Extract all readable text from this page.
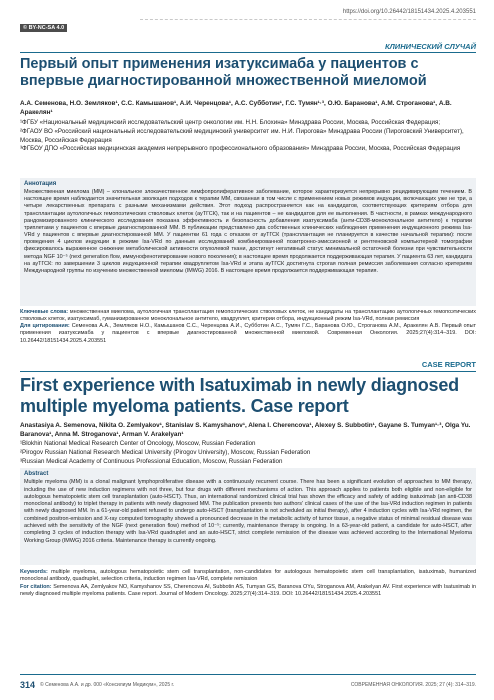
https://doi.org/10.26442/18151434.2025.4.203551
© BY-NC-SA 4.0
КЛИНИЧЕСКИЙ СЛУЧАЙ
Первый опыт применения изатуксимаба у пациентов с впервые диагностированной множественной миеломой
А.А. Семенова, Н.О. Земляков¹, С.С. Камышанов¹, А.И. Черенцова¹, А.С. Субботин¹, Г.С. Тумян¹·³, О.Ю. Баранова¹, А.М. Строганова¹, А.В. Аракелян¹
¹ФГБУ «Национальный медицинский исследовательский центр онкологии им. Н.Н. Блохина» Минздрава России, Москва, Российская Федерация;
²ФГАОУ ВО «Российский национальный исследовательский медицинский университет им. Н.И. Пирогова» Минздрава России (Пироговский Университет), Москва, Российская Федерация
³ФГБОУ ДПО «Российская медицинская академия непрерывного профессионального образования» Минздрава России, Москва, Российская Федерация
Аннотация
Множественная миелома (ММ) – клональное злокачественное лимфопролиферативное заболевание, которое характеризуется непрерывно рецидивирующим течением. В настоящее время наблюдается значительная эволюция подходов к терапии ММ, связанная в том числе с применением новых режимов индукции, включающих уже не три, а четыре лекарственных препарата с разными механизмами действия. Этот подход распространяется как на кандидатов, соответствующих критериям отбора для трансплантации аутологичных гемопоэтических стволовых клеток (ауТГСК), так и на пациентов – не кандидатов для ее выполнения. В частности, в рамках международного рандомизированного клинического исследования показана эффективность и безопасность добавления изатуксимаба (анти-CD38-моноклональное антитело) к терапии триплетами у пациентов с впервые диагностированной ММ. В публикации представлено два собственных клинических наблюдения применения индукционного режима Isa-VRd у пациентов с впервые диагностированной ММ. У пациентки 61 года с отказом от ауТГСК (трансплантация не планируется в качестве начальной терапии): после проведения 4 циклов индукции в режиме Isa-VRd по данным исследований комбинированной позитронно-эмиссионной и рентгеновской компьютерной томографии фиксировалось выраженное снижение метаболической активности опухолевой ткани, достигнут негативный статус минимальной остаточной болезни при чувствительности метода NGF 10⁻⁵ (next generation flow, иммунофенотипирование нового поколения); в настоящее время продолжается поддерживающая терапия. У пациента 63 лет, кандидата на ауТГСК: по завершении 3 циклов индукционной терапии квадруплетом Isa-VRd и этапа ауТГСК достигнута строгая полная ремиссия заболевания согласно критериям Международной группы по изучению множественной миеломы (IMWG) 2016. В настоящее время продолжается поддерживающая терапия.
Ключевые слова: множественная миелома, аутологичная трансплантация гемопоэтических стволовых клеток, не кандидаты на трансплантацию аутологичных гемопоэтических стволовых клеток, изатуксимаб, гуманизированное моноклональное антитело, квадруплет, критерии отбора, индукционный режим Isa-VRd, полная ремиссия
Для цитирования: Семенова А.А., Земляков Н.О., Камышанов С.С., Черенцова А.И., Субботин А.С., Тумян Г.С., Баранова О.Ю., Строганова А.М., Аракелян А.В. Первый опыт применения изатуксимаба у пациентов с впервые диагностированной множественной миеломой. Современная Онкология. 2025;27(4):314–319. DOI: 10.26442/18151434.2025.4.203551
CASE REPORT
First experience with Isatuximab in newly diagnosed multiple myeloma patients. Case report
Anastasiya A. Semenova, Nikita O. Zemlyakov¹, Stanislav S. Kamyshanov¹, Alena I. Cherencova¹, Alexey S. Subbotin¹, Gayane S. Tumyan¹·³, Olga Yu. Baranova¹, Anna M. Stroganova¹, Arman V. Arakelyan¹
¹Blokhin National Medical Research Center of Oncology, Moscow, Russian Federation
²Pirogov Russian National Research Medical University (Pirogov University), Moscow, Russian Federation
³Russian Medical Academy of Continuous Professional Education, Moscow, Russian Federation
Abstract
Multiple myeloma (MM) is a clonal malignant lymphoproliferative disease with a continuously recurrent course. There has been a significant evolution of approaches to MM therapy, including the use of new induction regimens with not three, but four drugs with different mechanisms of action. This approach applies to patients both eligible and non-eligible for autologous hematopoietic stem cell transplantation (auto-HSCT). Thus, an international randomized clinical trial has shown the efficacy and safety of adding isatuximab (an anti-CD38 monoclonal antibody) to triplet therapy in patients with newly diagnosed MM. The publication presents two authors' clinical cases of the use of the Isa-VRd induction regimen in patients with newly diagnosed MM. In a 61-year-old patient refused to undergo auto-HSCT (transplantation is not scheduled as initial therapy), after 4 induction cycles with Isa-VRd regimen, the combined positron-emission and X-ray computed tomography showed a pronounced decrease in the metabolic activity of tumor tissue, a negative status of minimal residual disease was achieved with the sensitivity of the NGF (next generation flow) method of 10⁻⁵; currently, maintenance therapy is ongoing. In a 63-year-old patient, a candidate for auto-HSCT, after completing 3 cycles of induction therapy with Isa-VRd quadruplet and an auto-HSCT, strict complete remission of the disease was achieved according to the International Myeloma Working Group (IMWG) 2016 criteria. Maintenance therapy is currently ongoing.
Keywords: multiple myeloma, autologous hematopoietic stem cell transplantation, non-candidates for autologous hematopoietic stem cell transplantation, isatuximab, humanized monoclonal antibody, quadruplet, selection criteria, induction regimen Isa-VRd, complete remission
For citation: Semenova AA, Zemlyakov NO, Kamyshanov SS, Cherencova AI, Subbotin AS, Tumyan GS, Baranova OYu, Stroganova AM, Arakelyan AV. First experience with Isatuximab in newly diagnosed multiple myeloma patients. Case report. Journal of Modern Oncology. 2025;27(4):314–319. DOI: 10.26442/18151434.2025.4.203551
314 © Семенова А.А. и др. 000 «Консилиум Медикум», 2025 г.	СОВРЕМЕННАЯ ОНКОЛОГИЯ. 2025; 27 (4): 314–319.
